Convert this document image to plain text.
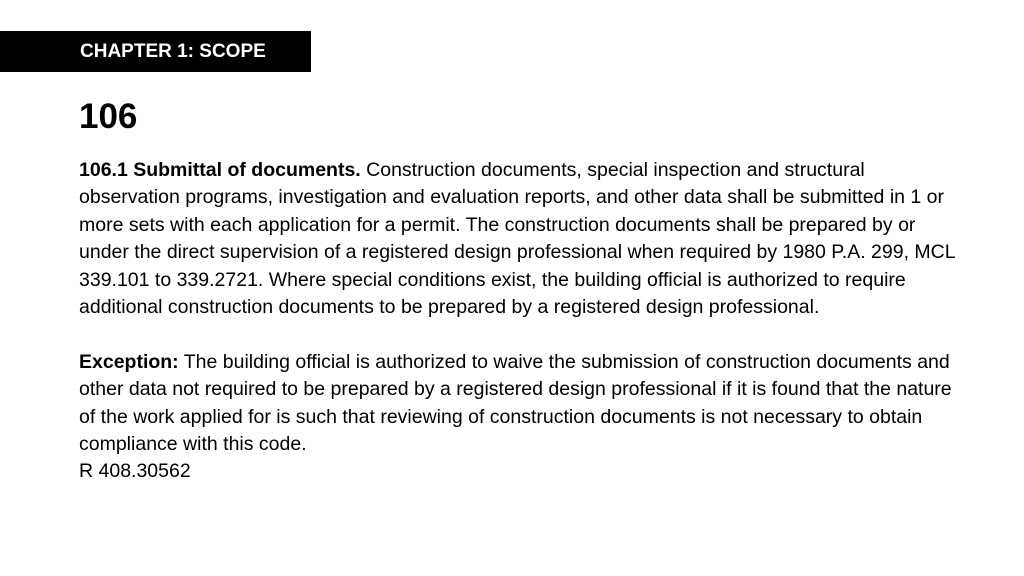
CHAPTER 1: SCOPE
106

106.1 Submittal of documents. Construction documents, special inspection and structural observation programs, investigation and evaluation reports, and other data shall be submitted in 1 or more sets with each application for a permit. The construction documents shall be prepared by or under the direct supervision of a registered design professional when required by 1980 P.A. 299, MCL 339.101 to 339.2721. Where special conditions exist, the building official is authorized to require additional construction documents to be prepared by a registered design professional.

Exception: The building official is authorized to waive the submission of construction documents and other data not required to be prepared by a registered design professional if it is found that the nature of the work applied for is such that reviewing of construction documents is not necessary to obtain compliance with this code.

R 408.30562
